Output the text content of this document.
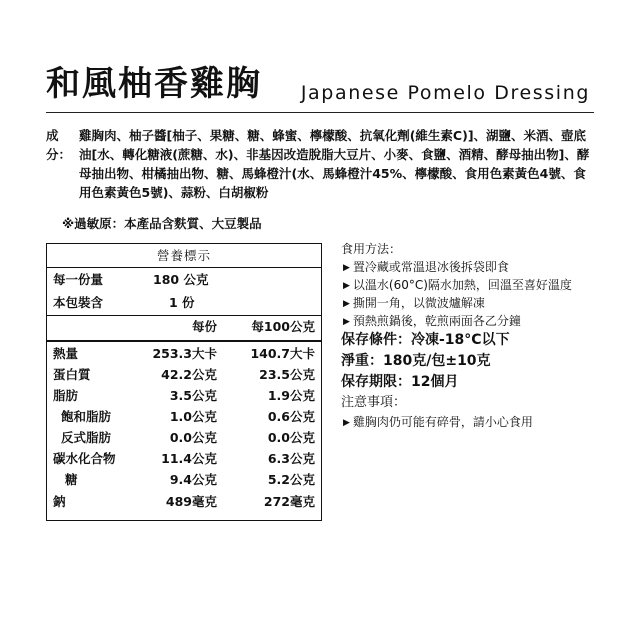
和風柚香雞胸 Japanese Pomelo Dressing
成分：
雞胸肉、柚子醬[柚子、果糖、糖、蜂蜜、檸檬酸、抗氧化劑(維生素C)]、湖鹽、米酒、壺底油[水、轉化糖液(蔗糖、水)、非基因改造脫脂大豆片、小麥、食鹽、酒精、酵母抽出物]、酵母抽出物、柑橘抽出物、糖、馬蜂橙汁(水、馬蜂橙汁45%、檸檬酸、食用色素黃色4號、食用色素黃色5號)、蒜粉、白胡椒粉
※過敏原：本產品含麩質、大豆製品
營養標示
每一份量	180 公克
本包裝含	1 份
每份	每100公克
熱量	253.3大卡	140.7大卡
蛋白質	42.2公克	23.5公克
脂肪	3.5公克	1.9公克
飽和脂肪	1.0公克	0.6公克
反式脂肪	0.0公克	0.0公克
碳水化合物	11.4公克	6.3公克
糖	9.4公克	5.2公克
鈉	489毫克	272毫克
食用方法：
▶ 置冷藏或常溫退冰後拆袋即食
▶ 以溫水(60°C)隔水加熱，回溫至喜好溫度
▶ 撕開一角，以微波爐解凍
▶ 預熱煎鍋後，乾煎兩面各乙分鐘
保存條件：冷凍-18°C以下
淨重：180克/包±10克
保存期限：12個月
注意事項：
▶ 雞胸肉仍可能有碎骨，請小心食用
